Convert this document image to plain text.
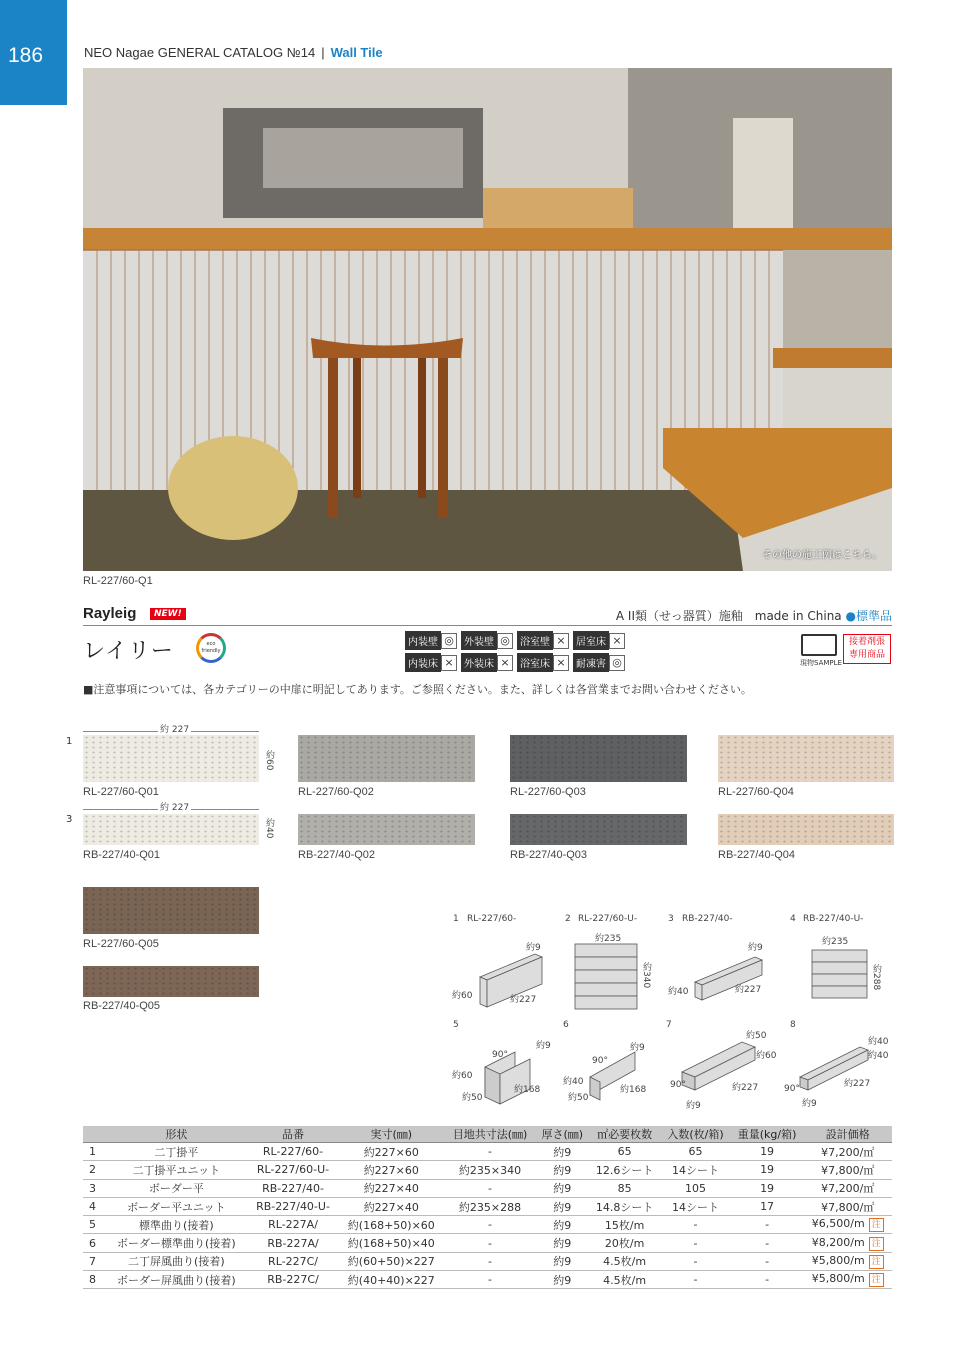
186	NEO Nagae GENERAL CATALOG №14 | Wall Tile
その他の施工例はこちら。
RL-227/60-Q1
Rayleig	NEW!	A II類（せっ器質）施釉　made in China ●標準品
レイリー	eco friendly
内装壁 ◎	外装壁 ◎	浴室壁 ×	居室床 ×
内装床 ×	外装床 ×	浴室床 ×	耐凍害 ◎	現物SAMPLE
接着剤張
専用商品
■注意事項については、各カテゴリーの中扉に明記してあります。ご参照ください。また、詳しくは各営業までお問い合わせください。
1
3
約 227
約60
約 227
約40
RL-227/60-Q01	RL-227/60-Q02	RL-227/60-Q03	RL-227/60-Q04
RB-227/40-Q01	RB-227/40-Q02	RB-227/40-Q03	RB-227/40-Q04
RL-227/60-Q05
RB-227/40-Q05
1 RL-227/60-
約9
約60	約227
2 RL-227/60-U-
約235
約340
3 RB-227/40-
約9
約40	約227
4 RB-227/40-U-
約235
約288
5
約9
90°
約60
約50
約168
6
約9
90°
約40
約50
約168
7
約50
約60
90°	約227
約9
8
約40
約40
90°	約227
約9
	形状	品番	実寸(㎜)	目地共寸法(㎜)	厚さ(㎜)	㎡必要枚数	入数(枚/箱)	重量(kg/箱)	設計価格
1	二丁掛平	RL-227/60-	約227×60	-	約9	65	65	19	¥7,200/㎡
2	二丁掛平ユニット	RL-227/60-U-	約227×60	約235×340	約9	12.6シート	14シート	19	¥7,800/㎡
3	ボーダー平	RB-227/40-	約227×40	-	約9	85	105	19	¥7,200/㎡
4	ボーダー平ユニット	RB-227/40-U-	約227×40	約235×288	約9	14.8シート	14シート	17	¥7,800/㎡
5	標準曲り(接着)	RL-227A/	約(168+50)×60	-	約9	15枚/m	-	-	¥6,500/m 注
6	ボーダー標準曲り(接着)	RB-227A/	約(168+50)×40	-	約9	20枚/m	-	-	¥8,200/m 注
7	二丁屏風曲り(接着)	RL-227C/	約(60+50)×227	-	約9	4.5枚/m	-	-	¥5,800/m 注
8	ボーダー屏風曲り(接着)	RB-227C/	約(40+40)×227	-	約9	4.5枚/m	-	-	¥5,800/m 注
